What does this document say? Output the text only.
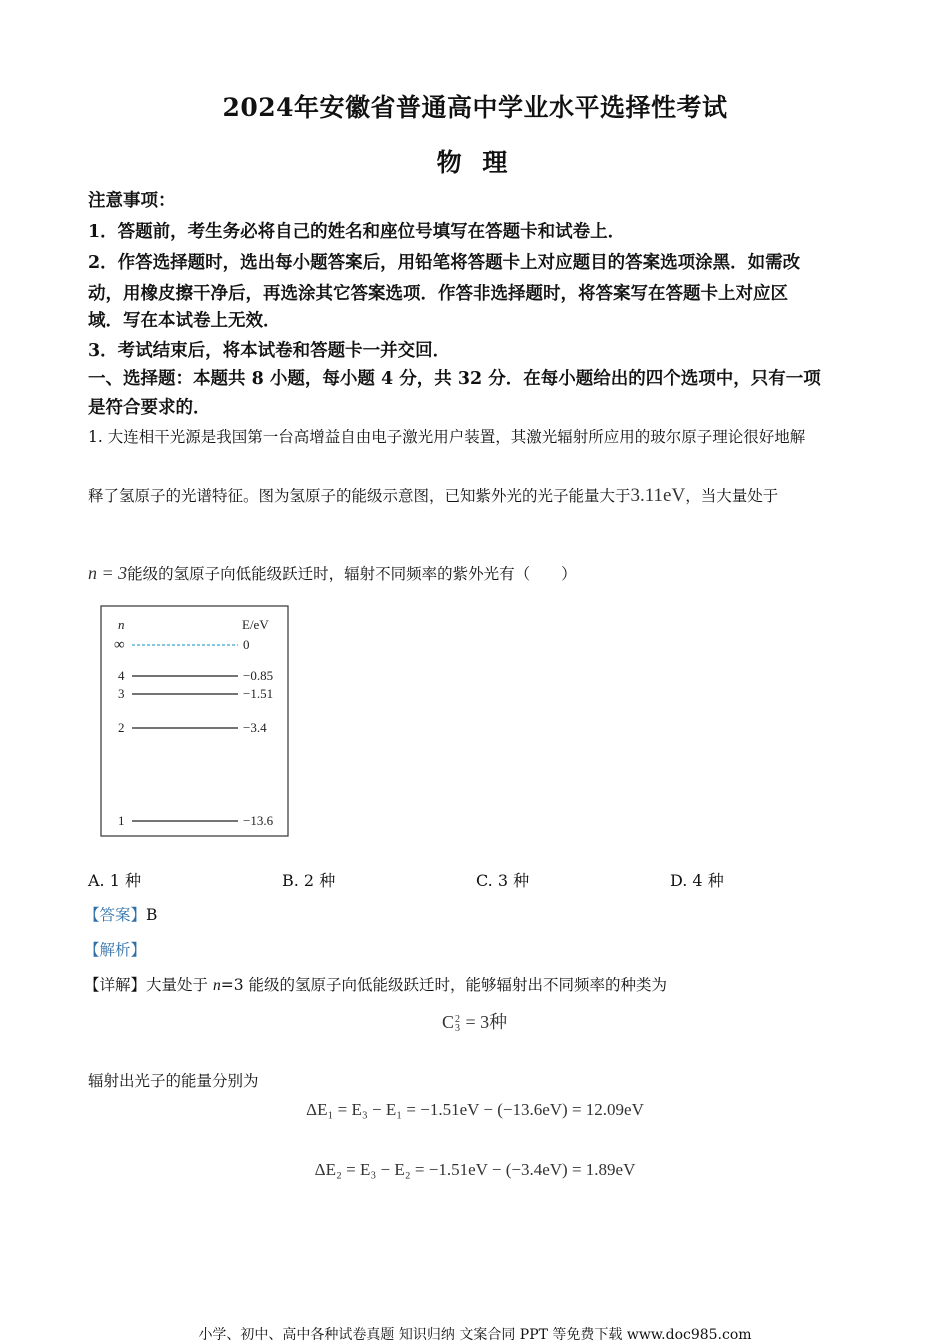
2024年安徽省普通高中学业水平选择性考试
物 理
注意事项：
1．答题前，考生务必将自己的姓名和座位号填写在答题卡和试卷上．
2．作答选择题时，选出每小题答案后，用铅笔将答题卡上对应题目的答案选项涂黑．如需改
动，用橡皮擦干净后，再选涂其它答案选项．作答非选择题时，将答案写在答题卡上对应区
域．写在本试卷上无效．
3．考试结束后，将本试卷和答题卡一并交回．
一、选择题：本题共 8 小题，每小题 4 分，共 32 分．在每小题给出的四个选项中，只有一项
是符合要求的．
1. 大连相干光源是我国第一台高增益自由电子激光用户装置，其激光辐射所应用的玻尔原子理论很好地解
释了氢原子的光谱特征。图为氢原子的能级示意图，已知紫外光的光子能量大于3.11eV，当大量处于
n = 3能级的氢原子向低能级跃迁时，辐射不同频率的紫外光有（　　）
n	E/eV
∞	0
4	−0.85
3	−1.51
2	−3.4
1	−13.6
A. 1 种	B. 2 种	C. 3 种	D. 4 种
【答案】B
【解析】
【详解】大量处于 n=3 能级的氢原子向低能级跃迁时，能够辐射出不同频率的种类为
C 2
3 = 3种
辐射出光子的能量分别为
ΔE₁ = E₃ − E₁ = −1.51eV − (−13.6eV) = 12.09eV
ΔE₂ = E₃ − E₂ = −1.51eV − (−3.4eV) = 1.89eV
小学、初中、高中各种试卷真题 知识归纳 文案合同 PPT 等免费下载 www.doc985.com
